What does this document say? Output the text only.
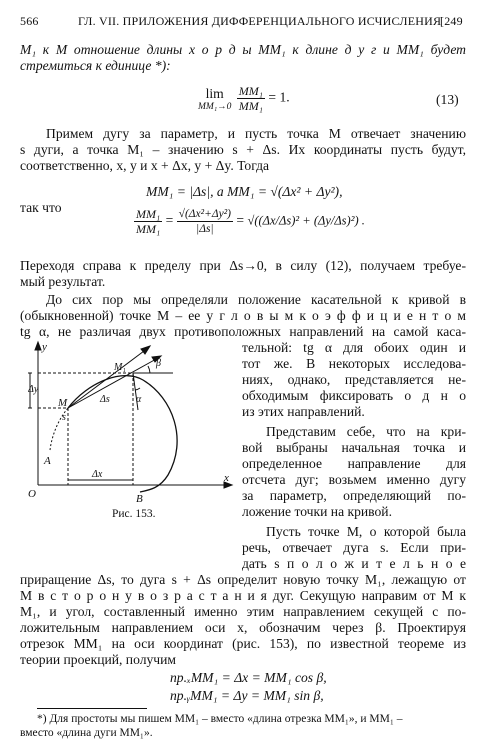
566	ГЛ. VII. ПРИЛОЖЕНИЯ ДИФФЕРЕНЦИАЛЬНОГО ИСЧИСЛЕНИЯ
[249
M₁ к M отношение длины х о р д ы MM₁ к длине д у г и MM₁ будет
стремиться к единице *):
lim
MM₁→0
$\frac{\text{MM₁}}{\text{MM₁}} = 1$.	(13)
Примем дугу за параметр, и пусть точка M отвечает значению
s дуги, а точка M₁ – значению s + Δs. Их координаты пусть будут,
соответственно, x, y и x + Δx, y + Δy. Тогда
MM₁ = |Δs|, а MM₁ = √(Δx² + Δy²),
так что	$\frac{\text{MM₁}}{\text{MM₁}} = \frac{\text{√(Δx²+Δy²)}}{|\Delta s|} = √((\Delta x/\Delta s)^2 + (\Delta y/\Delta s)^2)$ .
Переходя справа к пределу при Δs→0, в силу (12), получаем требуе-
мый результат.
До сих пор мы определяли положение касательной к кривой в
(обыкновенной) точке M – ее у г л о в ы м к о э ф ф и ц и е н т о м
tg α, не различая двух противоположных направлений на самой каса-
тельной: tg α для обоих один и
тот же. В некоторых исследова-
ниях, однако, представляется не-
обходимым фиксировать о д н о
из этих направлений.
Представим себе, что на кри-
вой выбраны начальная точка и
определенное направление для
отсчета дуг; возьмем именно дугу
за параметр, определяющий по-
ложение точки на кривой.
Пусть точке M, о которой была
речь, отвечает дуга s. Если при-
дать s п о л о ж и т е л ь н о е
y
x
O
A
B
M
M₁
s
Δs
Δy
Δx
α
β
Рис. 153.
приращение Δs, то дуга s + Δs определит новую точку M₁, лежащую от
M в с т о р о н у в о з р а с т а н и я дуг. Секущую направим от M к
M₁, и угол, составленный именно этим направлением секущей с по-
ложительным направлением оси x, обозначим через β. Проектируя
отрезок MM₁ на оси координат (рис. 153), по известной теореме из
теории проекций, получим
пр.ₓMM₁ = Δx = MM₁ cos β,
пр.ᵧMM₁ = Δy = MM₁ sin β,
*) Для простоты мы пишем MM₁ – вместо «длина отрезка MM₁», и MM₁ –
вместо «длина дуги MM₁».
